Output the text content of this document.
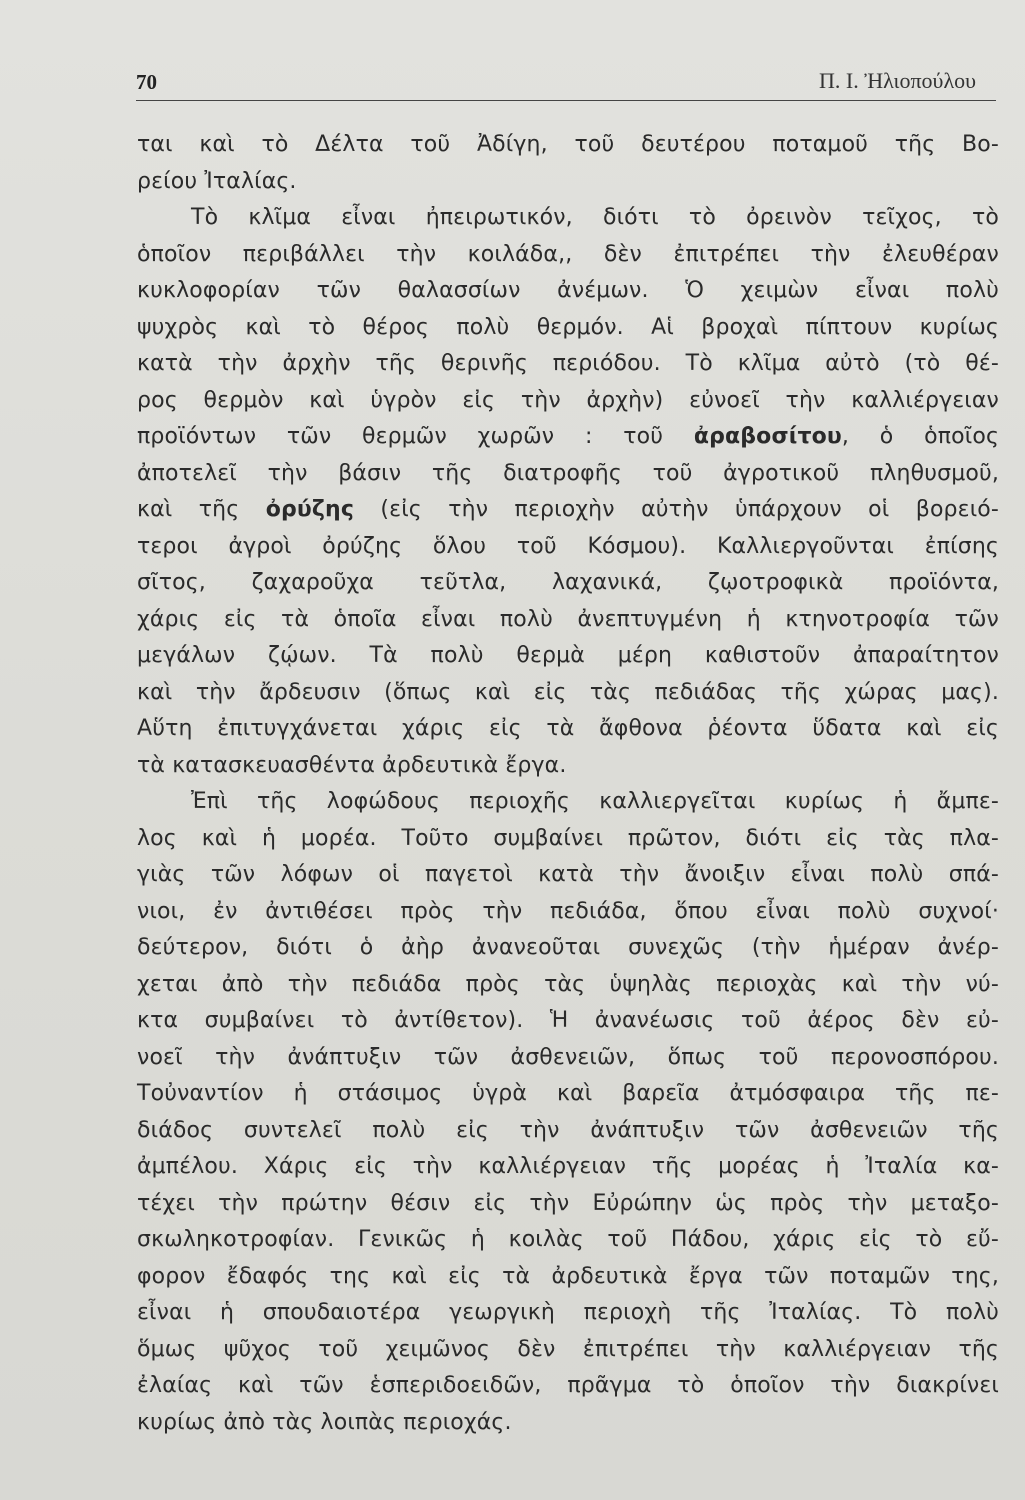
70	Π. Ι. Ἠλιοπούλου
ται καὶ τὸ Δέλτα τοῦ Ἀδίγη, τοῦ δευτέρου ποταμοῦ τῆς Βο-
ρείου Ἰταλίας.
Τὸ κλῖμα εἶναι ἠπειρωτικόν, διότι τὸ ὀρεινὸν τεῖχος, τὸ
ὁποῖον περιβάλλει τὴν κοιλάδα,, δὲν ἐπιτρέπει τὴν ἐλευθέραν
κυκλοφορίαν τῶν θαλασσίων ἀνέμων. Ὁ χειμὼν εἶναι πολὺ
ψυχρὸς καὶ τὸ θέρος πολὺ θερμόν. Αἱ βροχαὶ πίπτουν κυρίως
κατὰ τὴν ἀρχὴν τῆς θερινῆς περιόδου. Τὸ κλῖμα αὐτὸ (τὸ θέ-
ρος θερμὸν καὶ ὑγρὸν εἰς τὴν ἀρχὴν) εὐνοεῖ τὴν καλλιέργειαν
προϊόντων τῶν θερμῶν χωρῶν : τοῦ ἀραβοσίτου, ὁ ὁποῖος
ἀποτελεῖ τὴν βάσιν τῆς διατροφῆς τοῦ ἀγροτικοῦ πληθυσμοῦ,
καὶ τῆς ὀρύζης (εἰς τὴν περιοχὴν αὐτὴν ὑπάρχουν οἱ βορειό-
τεροι ἀγροὶ ὀρύζης ὅλου τοῦ Κόσμου). Καλλιεργοῦνται ἐπίσης
σῖτος, ζαχαροῦχα τεῦτλα, λαχανικά, ζῳοτροφικὰ προϊόντα,
χάρις εἰς τὰ ὁποῖα εἶναι πολὺ ἀνεπτυγμένη ἡ κτηνοτροφία τῶν
μεγάλων ζῴων. Τὰ πολὺ θερμὰ μέρη καθιστοῦν ἀπαραίτητον
καὶ τὴν ἄρδευσιν (ὅπως καὶ εἰς τὰς πεδιάδας τῆς χώρας μας).
Αὕτη ἐπιτυγχάνεται χάρις εἰς τὰ ἄφθονα ῥέοντα ὕδατα καὶ εἰς
τὰ κατασκευασθέντα ἀρδευτικὰ ἔργα.
Ἐπὶ τῆς λοφώδους περιοχῆς καλλιεργεῖται κυρίως ἡ ἄμπε-
λος καὶ ἡ μορέα. Τοῦτο συμβαίνει πρῶτον, διότι εἰς τὰς πλα-
γιὰς τῶν λόφων οἱ παγετοὶ κατὰ τὴν ἄνοιξιν εἶναι πολὺ σπά-
νιοι, ἐν ἀντιθέσει πρὸς τὴν πεδιάδα, ὅπου εἶναι πολὺ συχνοί·
δεύτερον, διότι ὁ ἀὴρ ἀνανεοῦται συνεχῶς (τὴν ἡμέραν ἀνέρ-
χεται ἀπὸ τὴν πεδιάδα πρὸς τὰς ὑψηλὰς περιοχὰς καὶ τὴν νύ-
κτα συμβαίνει τὸ ἀντίθετον). Ἡ ἀνανέωσις τοῦ ἀέρος δὲν εὐ-
νοεῖ τὴν ἀνάπτυξιν τῶν ἀσθενειῶν, ὅπως τοῦ περονοσπόρου.
Τοὐναντίον ἡ στάσιμος ὑγρὰ καὶ βαρεῖα ἀτμόσφαιρα τῆς πε-
διάδος συντελεῖ πολὺ εἰς τὴν ἀνάπτυξιν τῶν ἀσθενειῶν τῆς
ἀμπέλου. Χάρις εἰς τὴν καλλιέργειαν τῆς μορέας ἡ Ἰταλία κα-
τέχει τὴν πρώτην θέσιν εἰς τὴν Εὐρώπην ὡς πρὸς τὴν μεταξο-
σκωληκοτροφίαν. Γενικῶς ἡ κοιλὰς τοῦ Πάδου, χάρις εἰς τὸ εὔ-
φορον ἔδαφός της καὶ εἰς τὰ ἀρδευτικὰ ἔργα τῶν ποταμῶν της,
εἶναι ἡ σπουδαιοτέρα γεωργικὴ περιοχὴ τῆς Ἰταλίας. Τὸ πολὺ
ὅμως ψῦχος τοῦ χειμῶνος δὲν ἐπιτρέπει τὴν καλλιέργειαν τῆς
ἐλαίας καὶ τῶν ἑσπεριδοειδῶν, πρᾶγμα τὸ ὁποῖον τὴν διακρίνει
κυρίως ἀπὸ τὰς λοιπὰς περιοχάς.
